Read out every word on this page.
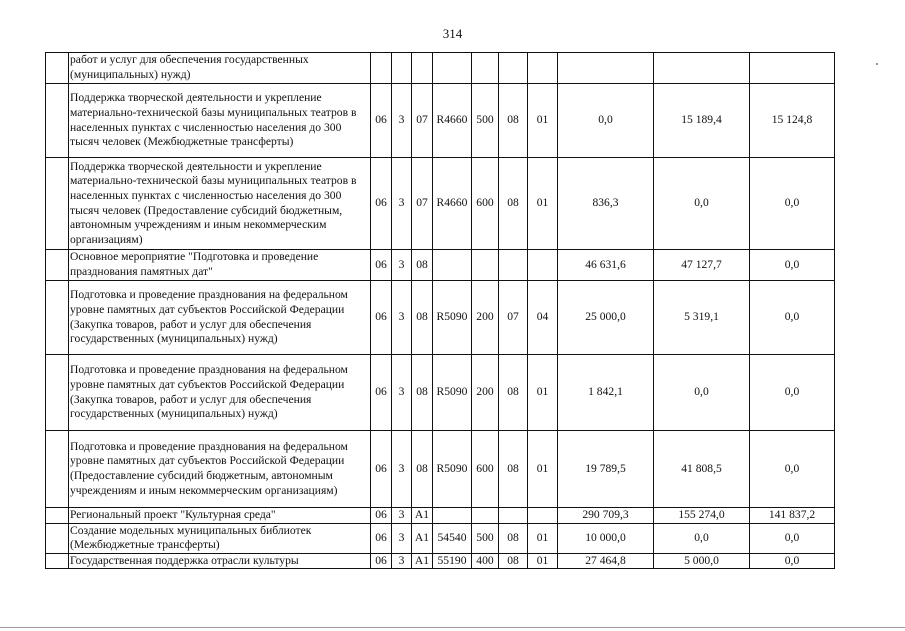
314
	работ и услуг для обеспечения государственных (муниципальных) нужд)										
	Поддержка творческой деятельности и укрепление материально-технической базы муниципальных театров в населенных пунктах с численностью населения до 300 тысяч человек (Межбюджетные трансферты)	06	3	07	R4660	500	08	01	0,0	15 189,4	15 124,8
	Поддержка творческой деятельности и укрепление материально-технической базы муниципальных театров в населенных пунктах с численностью населения до 300 тысяч человек (Предоставление субсидий бюджетным, автономным учреждениям и иным некоммерческим организациям)	06	3	07	R4660	600	08	01	836,3	0,0	0,0
	Основное мероприятие "Подготовка и проведение празднования памятных дат"	06	3	08					46 631,6	47 127,7	0,0
	Подготовка и проведение празднования на федеральном уровне памятных дат субъектов Российской Федерации (Закупка товаров, работ и услуг для обеспечения государственных (муниципальных) нужд)	06	3	08	R5090	200	07	04	25 000,0	5 319,1	0,0
	Подготовка и проведение празднования на федеральном уровне памятных дат субъектов Российской Федерации (Закупка товаров, работ и услуг для обеспечения государственных (муниципальных) нужд)	06	3	08	R5090	200	08	01	1 842,1	0,0	0,0
	Подготовка и проведение празднования на федеральном уровне памятных дат субъектов Российской Федерации (Предоставление субсидий бюджетным, автономным учреждениям и иным некоммерческим организациям)	06	3	08	R5090	600	08	01	19 789,5	41 808,5	0,0
	Региональный проект "Культурная среда"	06	3	A1					290 709,3	155 274,0	141 837,2
	Создание модельных муниципальных библиотек (Межбюджетные трансферты)	06	3	A1	54540	500	08	01	10 000,0	0,0	0,0
	Государственная поддержка отрасли культуры	06	3	A1	55190	400	08	01	27 464,8	5 000,0	0,0
